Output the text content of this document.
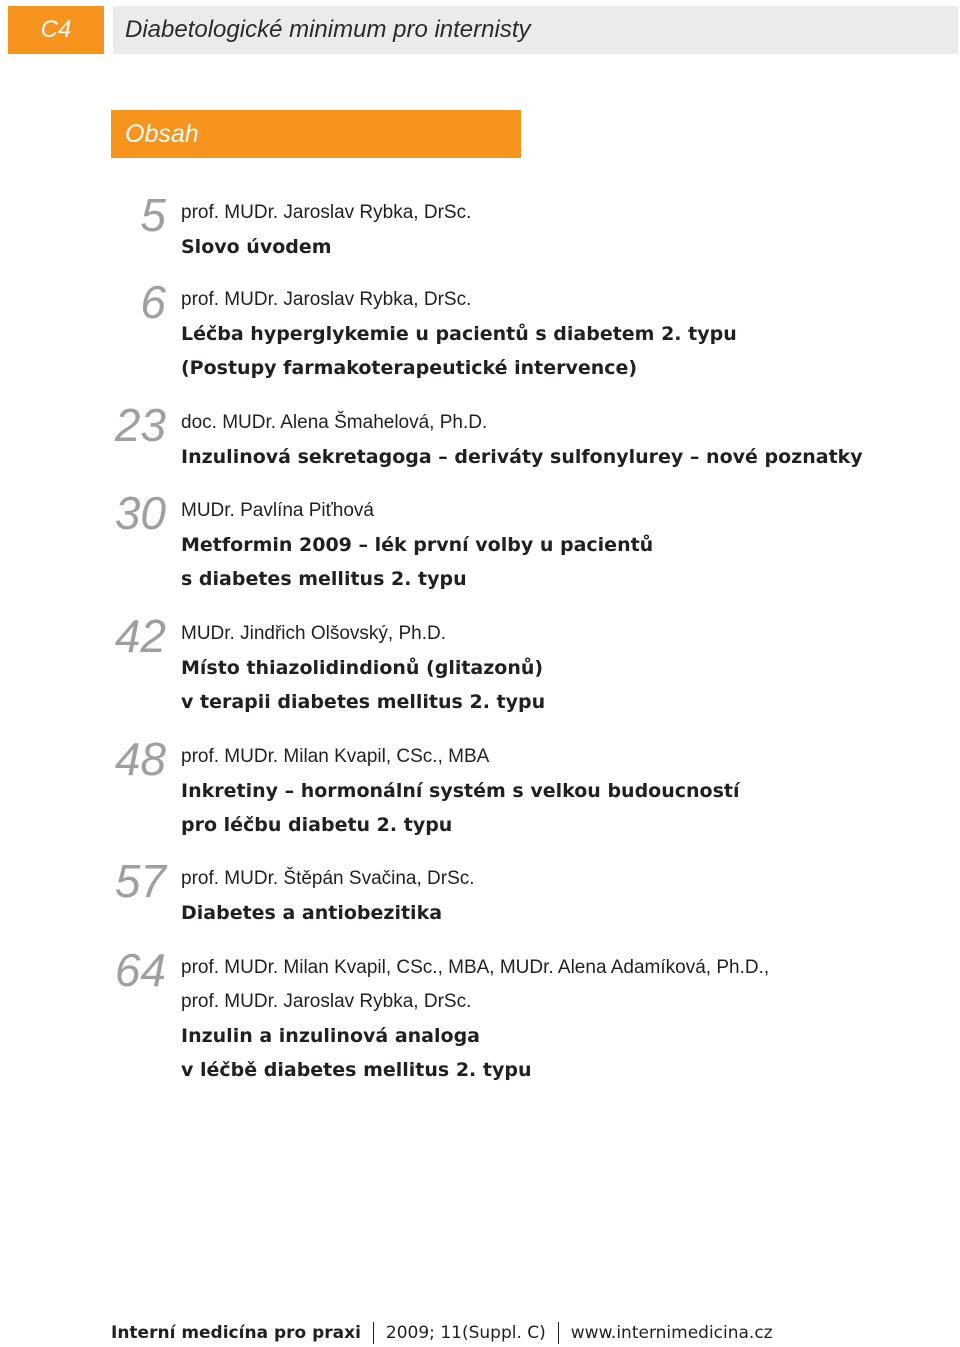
C4	Diabetologické minimum pro internisty
Obsah
5 prof. MUDr. Jaroslav Rybka, DrSc.
Slovo úvodem
6 prof. MUDr. Jaroslav Rybka, DrSc.
Léčba hyperglykemie u pacientů s diabetem 2. typu
(Postupy farmakoterapeutické intervence)
23 doc. MUDr. Alena Šmahelová, Ph.D.
Inzulinová sekretagoga – deriváty sulfonylurey – nové poznatky
30 MUDr. Pavlína Piťhová
Metformin 2009 – lék první volby u pacientů
s diabetes mellitus 2. typu
42 MUDr. Jindřich Olšovský, Ph.D.
Místo thiazolidindionů (glitazonů)
v terapii diabetes mellitus 2. typu
48 prof. MUDr. Milan Kvapil, CSc., MBA
Inkretiny – hormonální systém s velkou budoucností
pro léčbu diabetu 2. typu
57 prof. MUDr. Štěpán Svačina, DrSc.
Diabetes a antiobezitika
64 prof. MUDr. Milan Kvapil, CSc., MBA, MUDr. Alena Adamíková, Ph.D.,
prof. MUDr. Jaroslav Rybka, DrSc.
Inzulin a inzulinová analoga
v léčbě diabetes mellitus 2. typu
Interní medicína pro praxi 2009; 11(Suppl. C) www.internimedicina.cz
